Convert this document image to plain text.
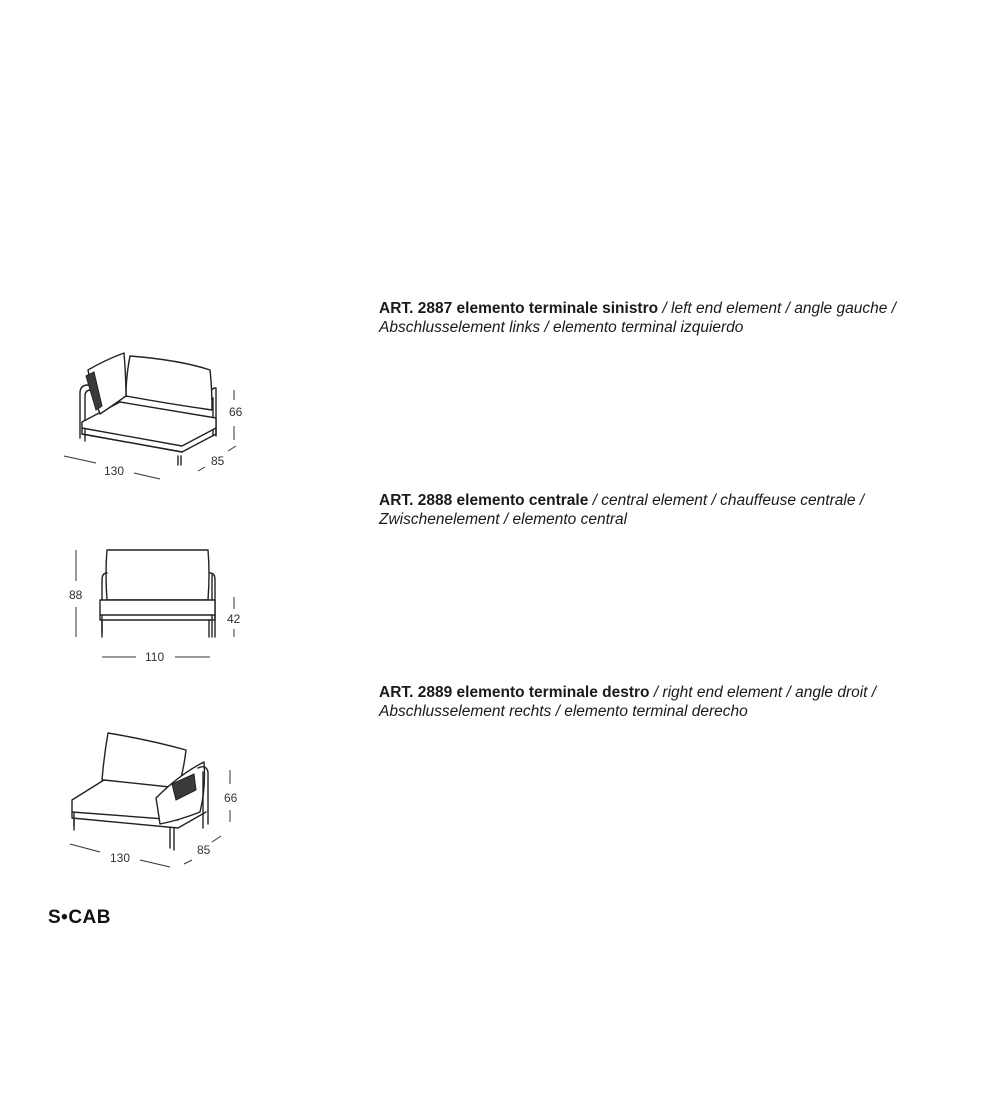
66
130
85
ART. 2887 elemento terminale sinistro / left end element / angle gauche /
Abschlusselement links / elemento terminal izquierdo
88
42
110
ART. 2888 elemento centrale / central element / chauffeuse centrale /
Zwischenelement / elemento central
66
130
85
ART. 2889 elemento terminale destro / right end element / angle droit /
Abschlusselement rechts / elemento terminal derecho
S•CAB
